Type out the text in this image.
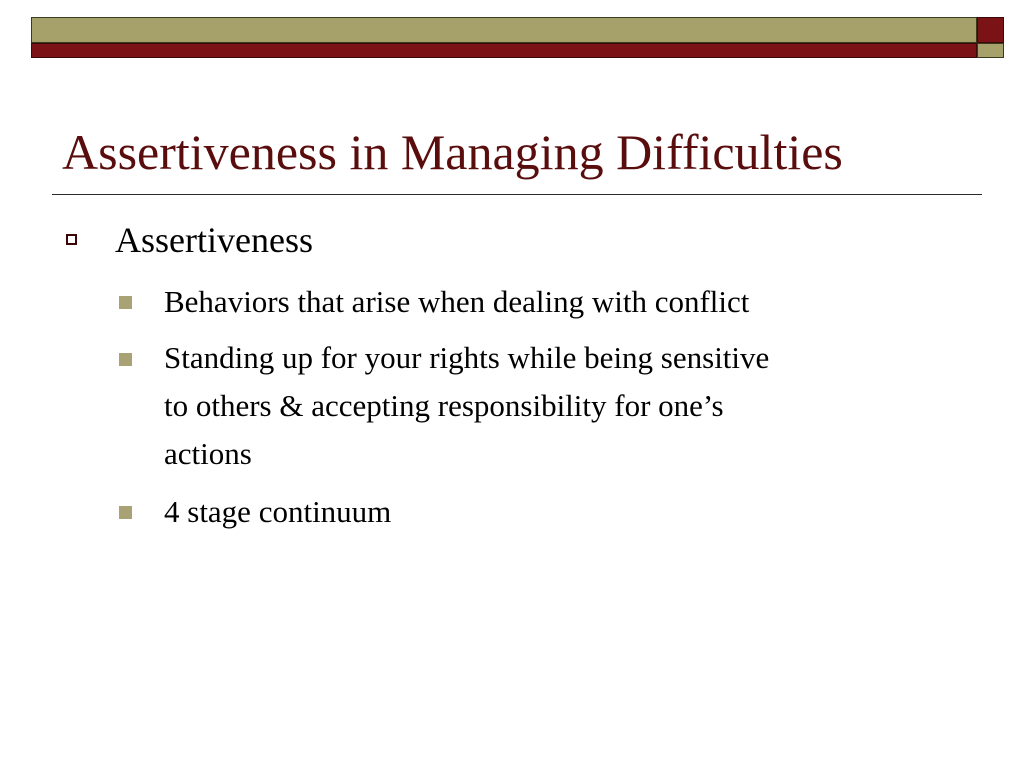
Assertiveness in Managing Difficulties
Assertiveness
Behaviors that arise when dealing with conflict
Standing up for your rights while being sensitive
to others & accepting responsibility for one’s
actions
4 stage continuum
